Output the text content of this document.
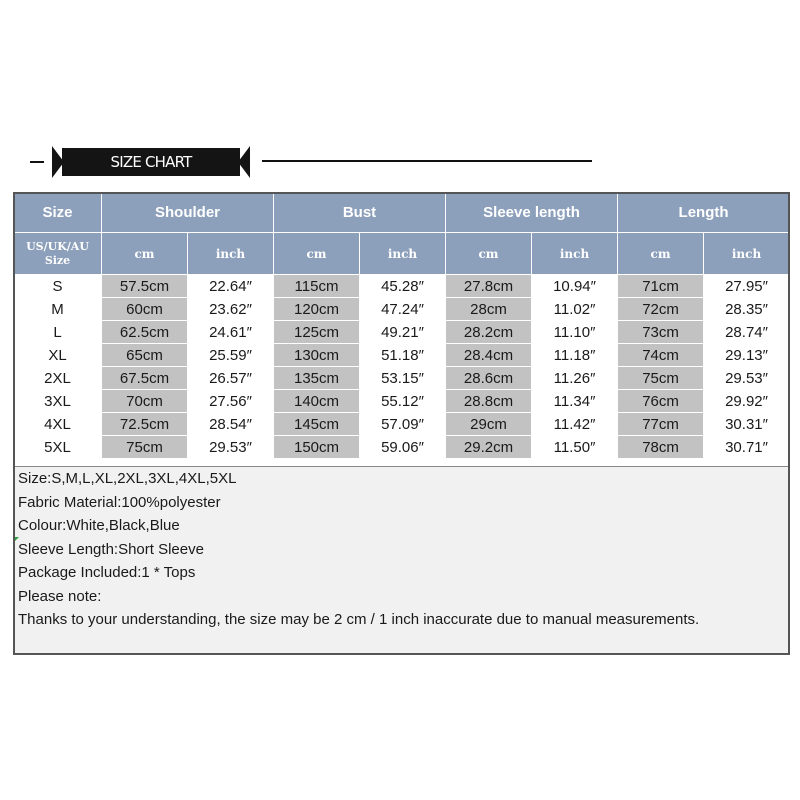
SIZE CHART
Size	Shoulder		Bust		Sleeve length		Length	

US/UK/AU
Size	cm	inch	cm	inch	cm	inch	cm	inch
S	57.5cm	22.64″	115cm	45.28″	27.8cm	10.94″	71cm	27.95″
M	60cm	23.62″	120cm	47.24″	28cm	11.02″	72cm	28.35″
L	62.5cm	24.61″	125cm	49.21″	28.2cm	11.10″	73cm	28.74″
XL	65cm	25.59″	130cm	51.18″	28.4cm	11.18″	74cm	29.13″
2XL	67.5cm	26.57″	135cm	53.15″	28.6cm	11.26″	75cm	29.53″
3XL	70cm	27.56″	140cm	55.12″	28.8cm	11.34″	76cm	29.92″
4XL	72.5cm	28.54″	145cm	57.09″	29cm	11.42″	77cm	30.31″
5XL	75cm	29.53″	150cm	59.06″	29.2cm	11.50″	78cm	30.71″
Size:S,M,L,XL,2XL,3XL,4XL,5XL
Fabric Material:100%polyester
Colour:White,Black,Blue
Sleeve Length:Short Sleeve
Package Included:1 * Tops
Please note:
Thanks to your understanding, the size may be 2 cm / 1 inch inaccurate due to manual measurements.
